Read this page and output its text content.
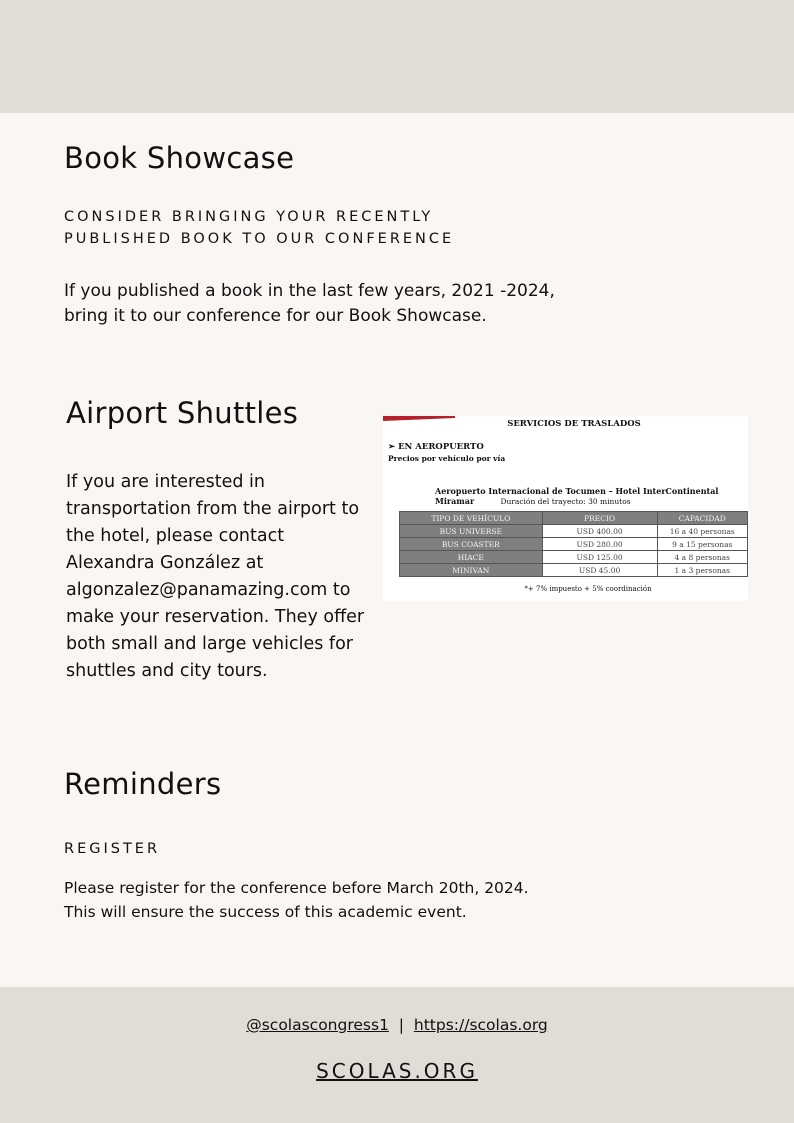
Book Showcase

CONSIDER BRINGING YOUR RECENTLY
PUBLISHED BOOK TO OUR CONFERENCE

If you published a book in the last few years, 2021 -2024, bring it to our conference for our Book Showcase.

Airport Shuttles

If you are interested in transportation from the airport to the hotel, please contact Alexandra González at algonzalez@panamazing.com to make your reservation. They offer both small and large vehicles for shuttles and city tours.

SERVICIOS DE TRASLADOS
➢ EN AEROPUERTO
Precios por vehículo por vía
Aeropuerto Internacional de Tocumen – Hotel InterContinental Miramar	Duración del trayecto: 30 minutos
TIPO DE VEHÍCULO	PRECIO	CAPACIDAD
BUS UNIVERSE	USD 400.00	16 a 40 personas
BUS COASTER	USD 280.00	9 a 15 personas
HIACE	USD 125.00	4 a 8 personas
MINIVAN	USD 45.00	1 a 3 personas
*+ 7% impuesto + 5% coordinación
Reminders

REGISTER

Please register for the conference before March 20th, 2024. This will ensure the success of this academic event.

@scolascongress1 | https://scolas.org
SCOLAS.ORG
